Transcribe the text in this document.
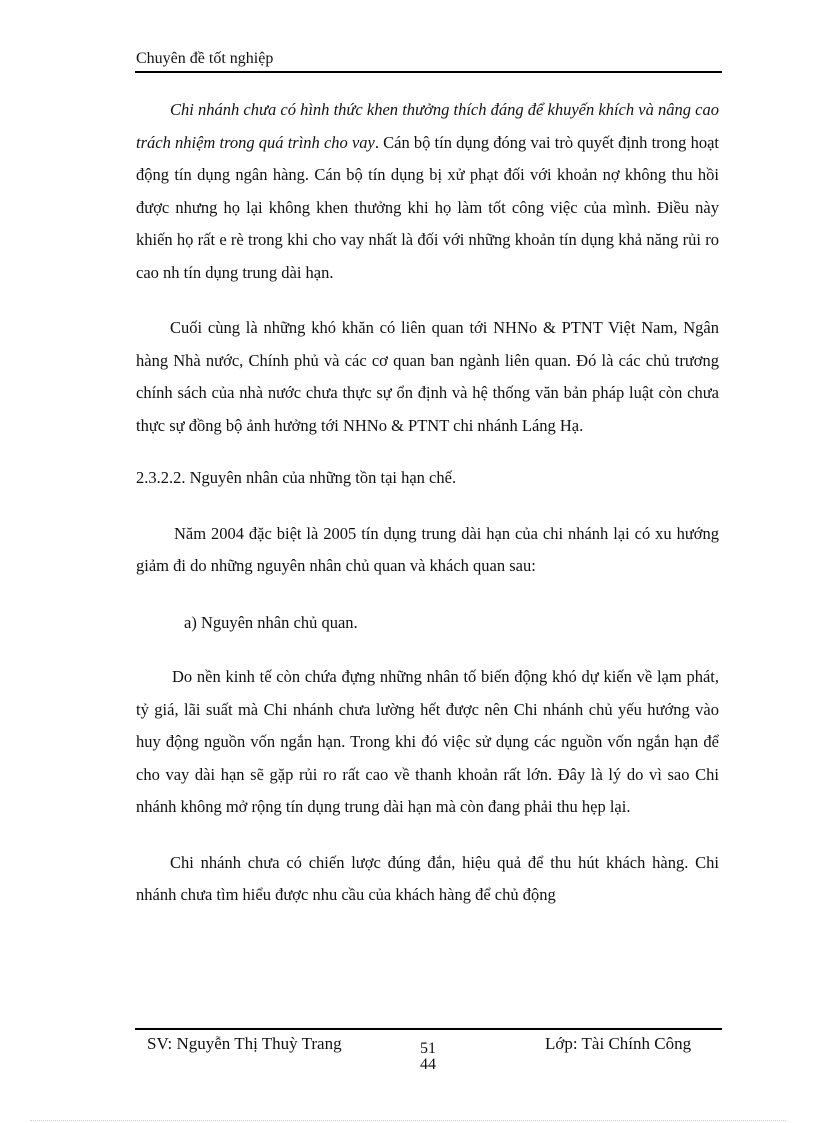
Chuyên đề tốt nghiệp

Chi nhánh chưa có hình thức khen thưởng thích đáng để khuyến khích và nâng cao trách nhiệm trong quá trình cho vay. Cán bộ tín dụng đóng vai trò quyết định trong hoạt động tín dụng ngân hàng. Cán bộ tín dụng bị xử phạt đối với khoản nợ không thu hồi được nhưng họ lại không khen thưởng khi họ làm tốt công việc của mình. Điều này khiến họ rất e rè trong khi cho vay nhất là đối với những khoản tín dụng khả năng rủi ro cao nh tín dụng trung dài hạn.

Cuối cùng là những khó khăn có liên quan tới NHNo & PTNT Việt Nam, Ngân hàng Nhà nước, Chính phủ và các cơ quan ban ngành liên quan. Đó là các chủ trương chính sách của nhà nước chưa thực sự ổn định và hệ thống văn bản pháp luật còn chưa thực sự đồng bộ ảnh hưởng tới NHNo & PTNT chi nhánh Láng Hạ.

2.3.2.2. Nguyên nhân của những tồn tại hạn chế.

Năm 2004 đặc biệt là 2005 tín dụng trung dài hạn của chi nhánh lại có xu hướng giảm đi do những nguyên nhân chủ quan và khách quan sau:

a) Nguyên nhân chủ quan.

Do nền kinh tế còn chứa đựng những nhân tố biến động khó dự kiến về lạm phát, tỷ giá, lãi suất mà Chi nhánh chưa lường hết được nên Chi nhánh chủ yếu hướng vào huy động nguồn vốn ngắn hạn. Trong khi đó việc sử dụng các nguồn vốn ngắn hạn để cho vay dài hạn sẽ gặp rủi ro rất cao về thanh khoản rất lớn. Đây là lý do vì sao Chi nhánh không mở rộng tín dụng trung dài hạn mà còn đang phải thu hẹp lại.

Chi nhánh chưa có chiến lược đúng đắn, hiệu quả để thu hút khách hàng. Chi nhánh chưa tìm hiểu được nhu cầu của khách hàng để chủ động

SV: Nguyễn Thị Thuỳ Trang	51
44
Lớp: Tài Chính Công
